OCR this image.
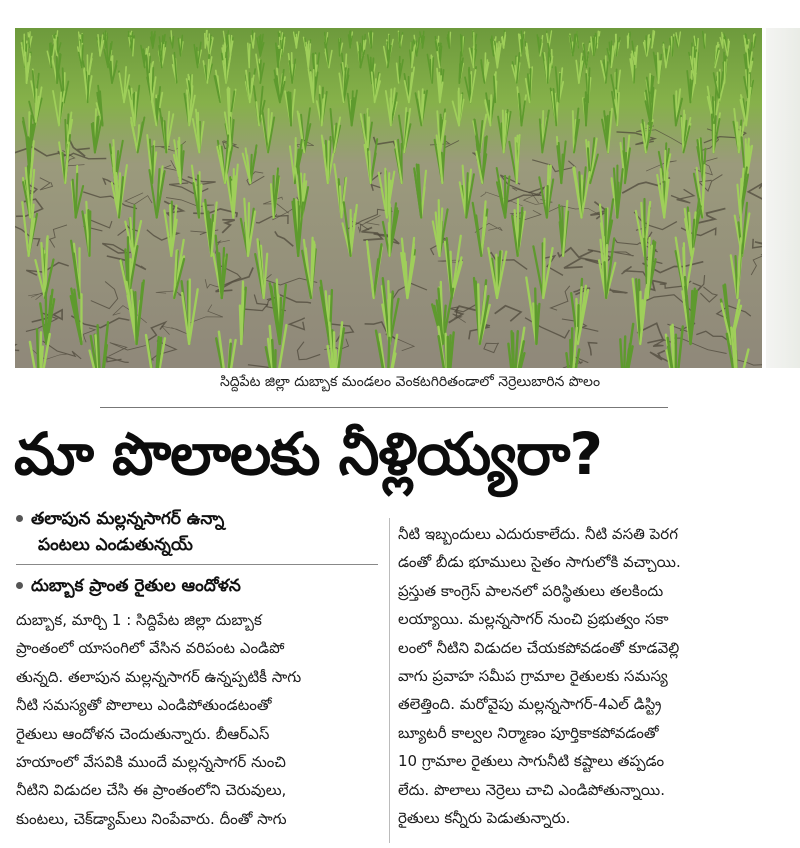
సిద్దిపేట జిల్లా దుబ్బాక మండలం వెంకటగిరితండాలో నెర్రెలుబారిన పొలం
మా పొలాలకు నీళ్లియ్యరా?
తలాపున మల్లన్నసాగర్ ఉన్నా
పంటలు ఎండుతున్నయ్
దుబ్బాక ప్రాంత రైతుల ఆందోళన
దుబ్బాక, మార్చి 1 : సిద్దిపేట జిల్లా దుబ్బాక
ప్రాంతంలో యాసంగిలో వేసిన వరిపంట ఎండిపో
తున్నది. తలాపున మల్లన్నసాగర్ ఉన్నప్పటికీ సాగు
నీటి సమస్యతో పొలాలు ఎండిపోతుండటంతో
రైతులు ఆందోళన చెందుతున్నారు. బీఆర్ఎస్
హయాంలో వేసవికి ముందే మల్లన్నసాగర్ నుంచి
నీటిని విడుదల చేసి ఈ ప్రాంతంలోని చెరువులు,
కుంటలు, చెక్‌డ్యామ్‌లు నింపేవారు. దీంతో సాగు
నీటి ఇబ్బందులు ఎదురుకాలేదు. నీటి వసతి పెరగ
డంతో బీడు భూములు సైతం సాగులోకి వచ్చాయి.
ప్రస్తుత కాంగ్రెస్ పాలనలో పరిస్థితులు తలకిందు
లయ్యాయి. మల్లన్నసాగర్ నుంచి ప్రభుత్వం సకా
లంలో నీటిని విడుదల చేయకపోవడంతో కూడవెల్లి
వాగు ప్రవాహ సమీప గ్రామాల రైతులకు సమస్య
తలెత్తింది. మరోవైపు మల్లన్నసాగర్-4ఎల్ డిస్ట్రి
బ్యూటరీ కాల్వల నిర్మాణం పూర్తికాకపోవడంతో
10 గ్రామాల రైతులు సాగునీటి కష్టాలు తప్పడం
లేదు. పొలాలు నెర్రెలు చాచి ఎండిపోతున్నాయి.
రైతులు కన్నీరు పెడుతున్నారు.
